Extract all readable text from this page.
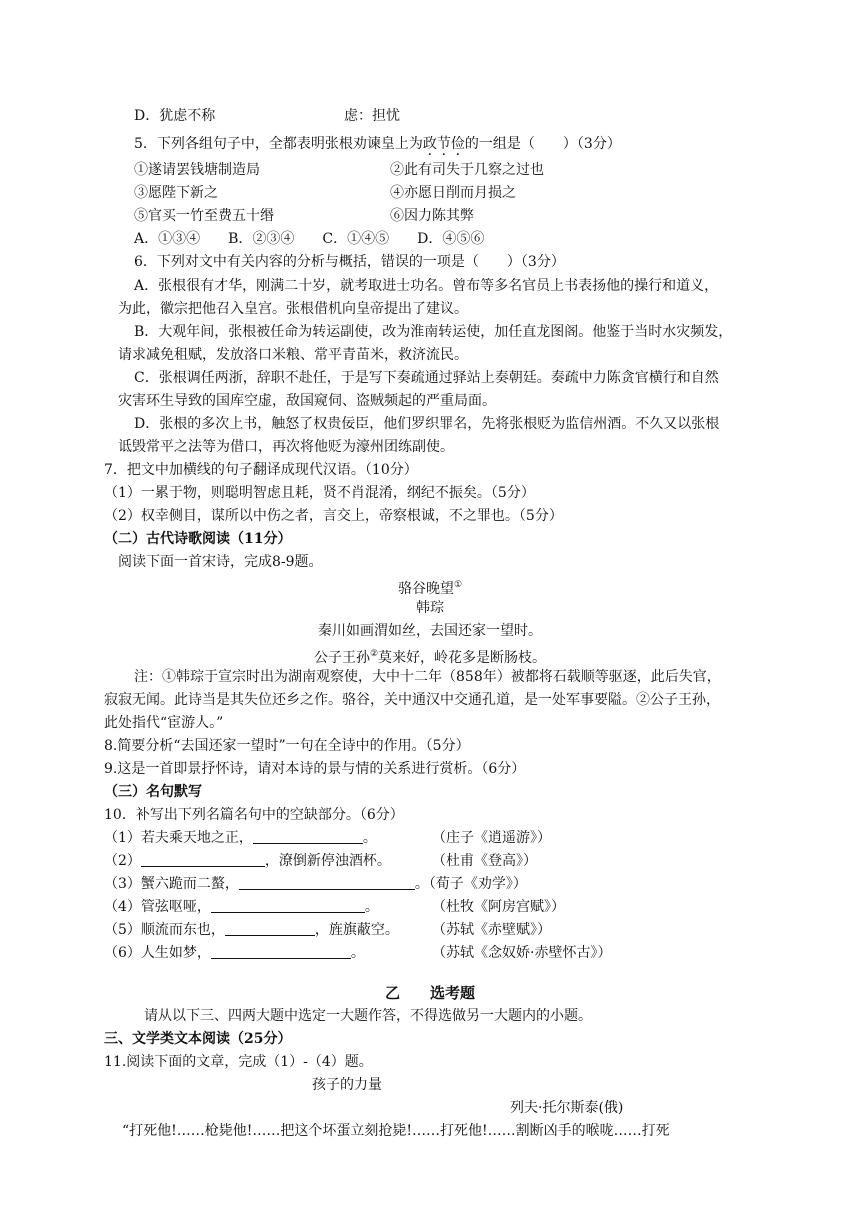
D．犹虑不称	虑：担忧
5．下列各组句子中，全都表明张根劝谏皇上为政节俭的一组是（　　）（3分）
①遂请罢钱塘制造局	②此有司失于几察之过也
③愿陛下新之	④亦愿日削而月损之
⑤官买一竹至费五十缗	⑥因力陈其弊
A．①③④　　B．②③④　　C．①④⑤　　D．④⑤⑥
6．下列对文中有关内容的分析与概括，错误的一项是（　　）（3分）
A．张根很有才华，刚满二十岁，就考取进士功名。曾布等多名官员上书表扬他的操行和道义，
为此，徽宗把他召入皇宫。张根借机向皇帝提出了建议。
B．大观年间，张根被任命为转运副使，改为淮南转运使，加任直龙图阁。他鉴于当时水灾频发，
请求减免租赋，发放洛口米粮、常平青苗米，救济流民。
C．张根调任两浙，辞职不赴任，于是写下奏疏通过驿站上奏朝廷。奏疏中力陈贪官横行和自然
灾害环生导致的国库空虚，敌国窥伺、盗贼频起的严重局面。
D．张根的多次上书，触怒了权贵佞臣，他们罗织罪名，先将张根贬为监信州酒。不久又以张根
诋毁常平之法等为借口，再次将他贬为濠州团练副使。
7．把文中加横线的句子翻译成现代汉语。（10分）
（1）一累于物，则聪明智虑且耗，贤不肖混淆，纲纪不振矣。（5分）
（2）权幸侧目，谋所以中伤之者，言交上，帝察根诚，不之罪也。（5分）
（二）古代诗歌阅读（11分）
阅读下面一首宋诗，完成8-9题。
骆谷晚望①
韩琮
秦川如画渭如丝，去国还家一望时。
公子王孙②莫来好，岭花多是断肠枝。
注：①韩琮于宣宗时出为湖南观察使，大中十二年（858年）被都将石载顺等驱逐，此后失官，
寂寂无闻。此诗当是其失位还乡之作。骆谷，关中通汉中交通孔道，是一处军事要隘。②公子王孙，
此处指代“宦游人。”
8.简要分析“去国还家一望时”一句在全诗中的作用。（5分）
9.这是一首即景抒怀诗，请对本诗的景与情的关系进行赏析。（6分）
（三）名句默写
10．补写出下列名篇名句中的空缺部分。（6分）
（1）若夫乘天地之正，	。	（庄子《逍遥游》）
（2）	，潦倒新停浊酒杯。	（杜甫《登高》）
（3）蟹六跪而二螯，	。（荀子《劝学》）
（4）管弦呕哑，	。	（杜牧《阿房宫赋》）
（5）顺流而东也，	，旌旗蔽空。 （苏轼《赤壁赋》）
（6）人生如梦，	。	（苏轼《念奴娇·赤壁怀古》）
乙　　选考题
请从以下三、四两大题中选定一大题作答，不得选做另一大题内的小题。
三、文学类文本阅读（25分）
11.阅读下面的文章，完成（1）-（4）题。
孩子的力量
列夫·托尔斯泰(俄)
“打死他!……枪毙他!……把这个坏蛋立刻抢毙!……打死他!……割断凶手的喉咙……打死
